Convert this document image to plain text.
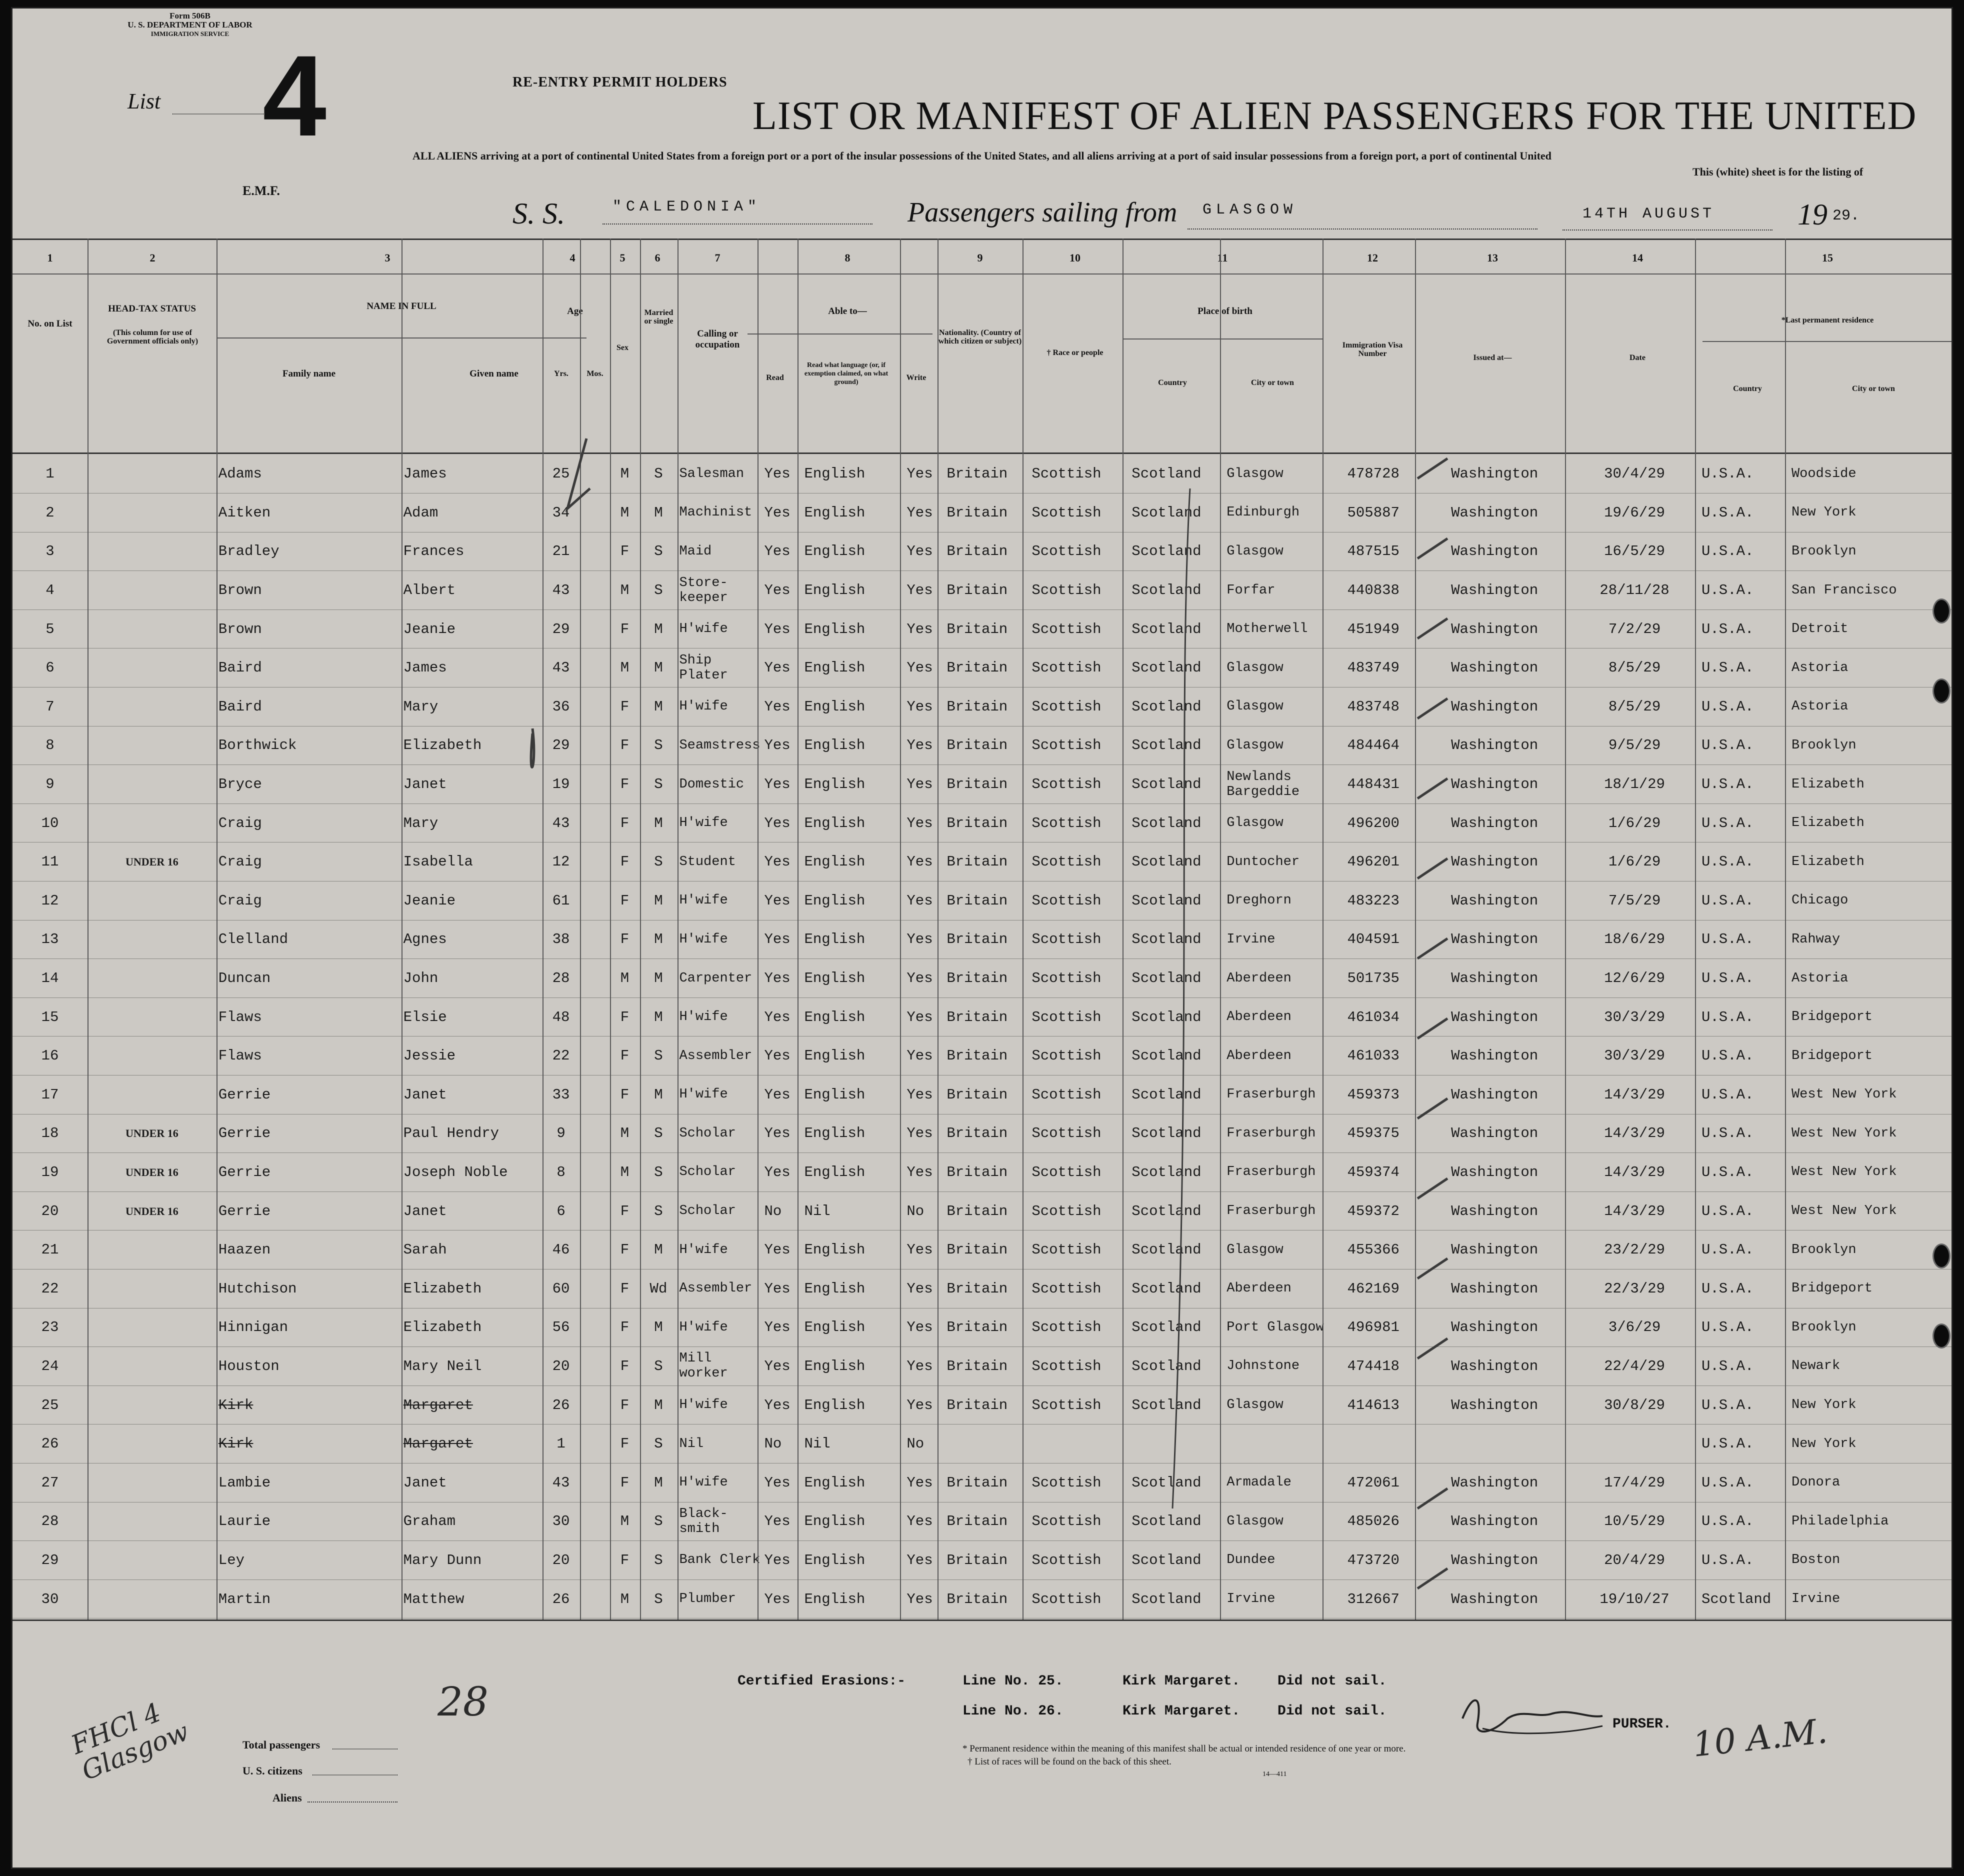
Form 506B
U. S. DEPARTMENT OF LABOR
IMMIGRATION SERVICE
List 4	RE-ENTRY PERMIT HOLDERS
LIST OR MANIFEST OF ALIEN PASSENGERS FOR THE UNITED
ALL ALIENS arriving at a port of continental United States from a foreign port or a port of the insular possessions of the United States, and all aliens arriving at a port of said insular possessions from a foreign port, a port of continental United
This (white) sheet is for the listing of
E.M.F.
S. S.	"CALEDONIA"	Passengers sailing from GLASGOW	14TH AUGUST	19 29.
1	2	3	4	5	6	7	8	9	10	11	12	13	14	15
No. on List
HEAD-TAX STATUS
(This column for use of Government officials only)
NAME IN FULL
Family name	Given name
Age
Yrs.	Mos.
Sex
Married or single
Calling or occupation
Able to—
Read
Read what language (or, if exemption claimed, on what ground)
Write
Nationality. (Country of which citizen or subject)
† Race or people
Place of birth
Country	City or town
Immigration Visa Number	Issued at—	Date
*Last permanent residence
Country	City or town
1		Adams	James	25		M	S	Salesman	Yes	English	Yes	Britain	Scottish	Scotland	Glasgow	478728	Washington	30/4/29	U.S.A.	Woodside
2		Aitken	Adam	34		M	M	Machinist	Yes	English	Yes	Britain	Scottish	Scotland	Edinburgh	505887	Washington	19/6/29	U.S.A.	New York
3		Bradley	Frances	21		F	S	Maid	Yes	English	Yes	Britain	Scottish	Scotland	Glasgow	487515	Washington	16/5/29	U.S.A.	Brooklyn
4		Brown	Albert	43		M	S	Store-keeper	Yes	English	Yes	Britain	Scottish	Scotland	Forfar	440838	Washington	28/11/28	U.S.A.	San Francisco
5		Brown	Jeanie	29		F	M	H'wife	Yes	English	Yes	Britain	Scottish	Scotland	Motherwell	451949	Washington	7/2/29	U.S.A.	Detroit
6		Baird	James	43		M	M	Ship Plater	Yes	English	Yes	Britain	Scottish	Scotland	Glasgow	483749	Washington	8/5/29	U.S.A.	Astoria
7		Baird	Mary	36		F	M	H'wife	Yes	English	Yes	Britain	Scottish	Scotland	Glasgow	483748	Washington	8/5/29	U.S.A.	Astoria
8		Borthwick	Elizabeth	29		F	S	Seamstress	Yes	English	Yes	Britain	Scottish	Scotland	Glasgow	484464	Washington	9/5/29	U.S.A.	Brooklyn
9		Bryce	Janet	19		F	S	Domestic	Yes	English	Yes	Britain	Scottish	Scotland	Newlands Bargeddie	448431	Washington	18/1/29	U.S.A.	Elizabeth
10		Craig	Mary	43		F	M	H'wife	Yes	English	Yes	Britain	Scottish	Scotland	Glasgow	496200	Washington	1/6/29	U.S.A.	Elizabeth
11	UNDER 16	Craig	Isabella	12		F	S	Student	Yes	English	Yes	Britain	Scottish	Scotland	Duntocher	496201	Washington	1/6/29	U.S.A.	Elizabeth
12		Craig	Jeanie	61		F	M	H'wife	Yes	English	Yes	Britain	Scottish	Scotland	Dreghorn	483223	Washington	7/5/29	U.S.A.	Chicago
13		Clelland	Agnes	38		F	M	H'wife	Yes	English	Yes	Britain	Scottish	Scotland	Irvine	404591	Washington	18/6/29	U.S.A.	Rahway
14		Duncan	John	28		M	M	Carpenter	Yes	English	Yes	Britain	Scottish	Scotland	Aberdeen	501735	Washington	12/6/29	U.S.A.	Astoria
15		Flaws	Elsie	48		F	M	H'wife	Yes	English	Yes	Britain	Scottish	Scotland	Aberdeen	461034	Washington	30/3/29	U.S.A.	Bridgeport
16		Flaws	Jessie	22		F	S	Assembler	Yes	English	Yes	Britain	Scottish	Scotland	Aberdeen	461033	Washington	30/3/29	U.S.A.	Bridgeport
17		Gerrie	Janet	33		F	M	H'wife	Yes	English	Yes	Britain	Scottish	Scotland	Fraserburgh	459373	Washington	14/3/29	U.S.A.	West New York
18	UNDER 16	Gerrie	Paul Hendry	9		M	S	Scholar	Yes	English	Yes	Britain	Scottish	Scotland	Fraserburgh	459375	Washington	14/3/29	U.S.A.	West New York
19	UNDER 16	Gerrie	Joseph Noble	8		M	S	Scholar	Yes	English	Yes	Britain	Scottish	Scotland	Fraserburgh	459374	Washington	14/3/29	U.S.A.	West New York
20	UNDER 16	Gerrie	Janet	6		F	S	Scholar	No	Nil	No	Britain	Scottish	Scotland	Fraserburgh	459372	Washington	14/3/29	U.S.A.	West New York
21		Haazen	Sarah	46		F	M	H'wife	Yes	English	Yes	Britain	Scottish	Scotland	Glasgow	455366	Washington	23/2/29	U.S.A.	Brooklyn
22		Hutchison	Elizabeth	60		F	Wd	Assembler	Yes	English	Yes	Britain	Scottish	Scotland	Aberdeen	462169	Washington	22/3/29	U.S.A.	Bridgeport
23		Hinnigan	Elizabeth	56		F	M	H'wife	Yes	English	Yes	Britain	Scottish	Scotland	Port Glasgow	496981	Washington	3/6/29	U.S.A.	Brooklyn
24		Houston	Mary Neil	20		F	S	Mill worker	Yes	English	Yes	Britain	Scottish	Scotland	Johnstone	474418	Washington	22/4/29	U.S.A.	Newark
25		Kirk	Margaret	26		F	M	H'wife	Yes	English	Yes	Britain	Scottish	Scotland	Glasgow	414613	Washington	30/8/29	U.S.A.	New York
26		Kirk	Margaret	1		F	S	Nil	No	Nil	No								U.S.A.	New York
27		Lambie	Janet	43		F	M	H'wife	Yes	English	Yes	Britain	Scottish	Scotland	Armadale	472061	Washington	17/4/29	U.S.A.	Donora
28		Laurie	Graham	30		M	S	Black-smith	Yes	English	Yes	Britain	Scottish	Scotland	Glasgow	485026	Washington	10/5/29	U.S.A.	Philadelphia
29		Ley	Mary Dunn	20		F	S	Bank Clerk	Yes	English	Yes	Britain	Scottish	Scotland	Dundee	473720	Washington	20/4/29	U.S.A.	Boston
30		Martin	Matthew	26		M	S	Plumber	Yes	English	Yes	Britain	Scottish	Scotland	Irvine	312667	Washington	19/10/27	Scotland	Irvine
Certified Erasions:-	Line No. 25.	Kirk Margaret.	Did not sail.
Line No. 26.	Kirk Margaret.	Did not sail.
PURSER.
Total passengers
U. S. citizens
Aliens
* Permanent residence within the meaning of this manifest shall be actual or intended residence of one year or more.
† List of races will be found on the back of this sheet.
14—411
28
FHCl 4 Glasgow	10 A.M.
